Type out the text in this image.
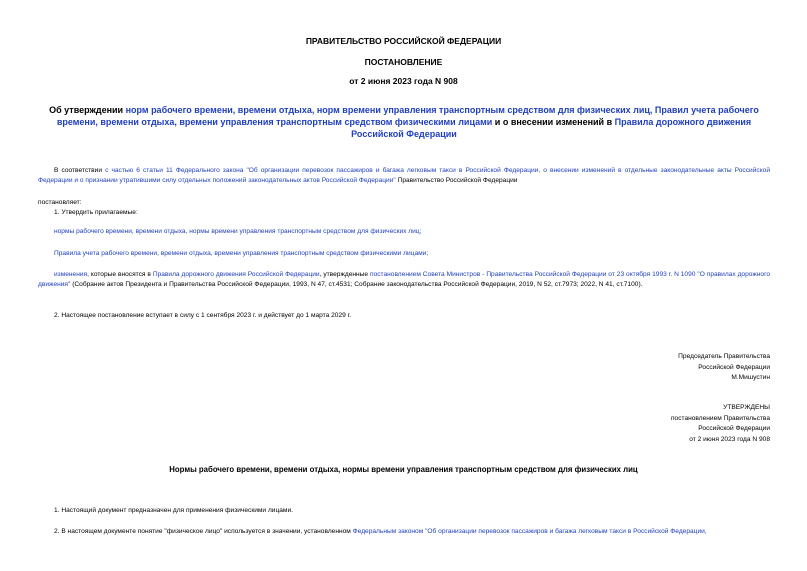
ПРАВИТЕЛЬСТВО РОССИЙСКОЙ ФЕДЕРАЦИИ
ПОСТАНОВЛЕНИЕ
от 2 июня 2023 года N 908
Об утверждении норм рабочего времени, времени отдыха, норм времени управления транспортным средством для физических лиц, Правил учета рабочего времени, времени отдыха, времени управления транспортным средством физическими лицами и о внесении изменений в Правила дорожного движения Российской Федерации
В соответствии с частью 6 статьи 11 Федерального закона "Об организации перевозок пассажиров и багажа легковым такси в Российской Федерации, о внесении изменений в отдельные законодательные акты Российской Федерации и о признании утратившими силу отдельных положений законодательных актов Российской Федерации" Правительство Российской Федерации
постановляет:
1. Утвердить прилагаемые:
нормы рабочего времени, времени отдыха, нормы времени управления транспортным средством для физических лиц;
Правила учета рабочего времени, времени отдыха, времени управления транспортным средством физическими лицами;
изменения, которые вносятся в Правила дорожного движения Российской Федерации, утвержденные постановлением Совета Министров - Правительства Российской Федерации от 23 октября 1993 г. N 1090 "О правилах дорожного движения" (Собрание актов Президента и Правительства Российской Федерации, 1993, N 47, ст.4531; Собрание законодательства Российской Федерации, 2019, N 52, ст.7973; 2022, N 41, ст.7100).
2. Настоящее постановление вступает в силу с 1 сентября 2023 г. и действует до 1 марта 2029 г.
Председатель Правительства
Российской Федерации
М.Мишустин
УТВЕРЖДЕНЫ
постановлением Правительства
Российской Федерации
от 2 июня 2023 года N 908
Нормы рабочего времени, времени отдыха, нормы времени управления транспортным средством для физических лиц
1. Настоящий документ предназначен для применения физическими лицами.
2. В настоящем документе понятие "физическое лицо" используется в значении, установленном Федеральным законом "Об организации перевозок пассажиров и багажа легковым такси в Российской Федерации,
